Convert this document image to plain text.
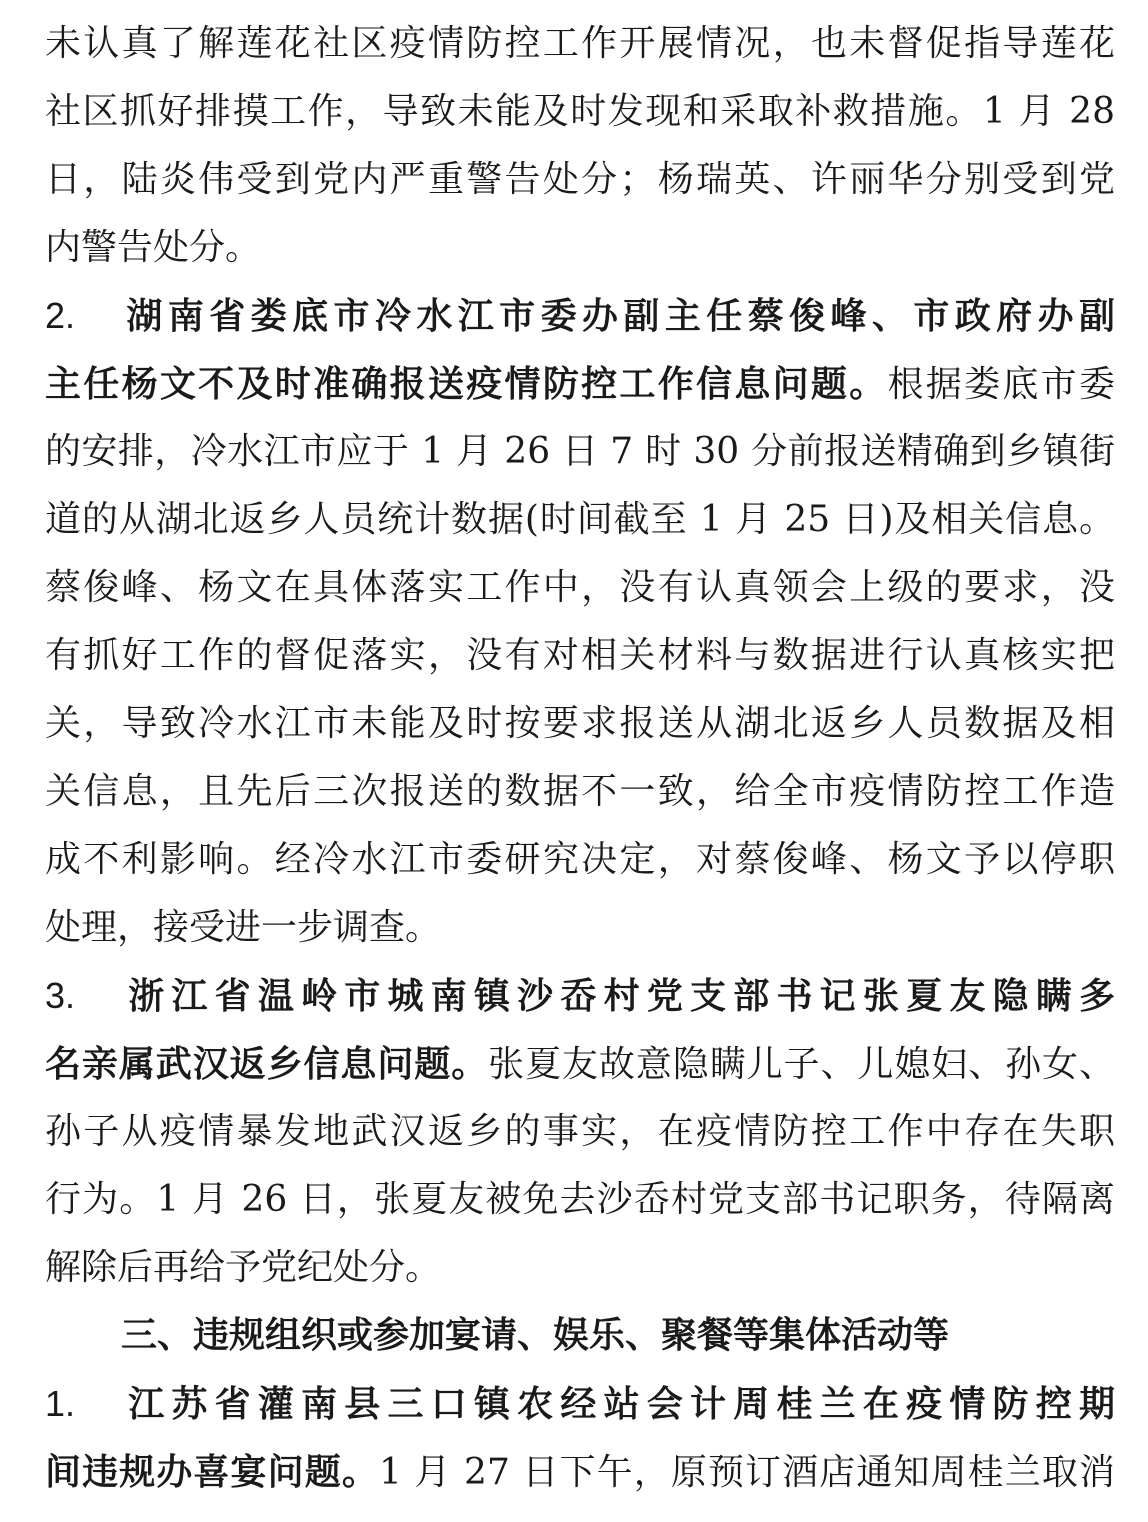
未认真了解莲花社区疫情防控工作开展情况，也未督促指导莲花
社区抓好排摸工作，导致未能及时发现和采取补救措施。1 月 28
日，陆炎伟受到党内严重警告处分；杨瑞英、许丽华分别受到党
内警告处分。
2. 湖南省娄底市冷水江市委办副主任蔡俊峰、市政府办副
主任杨文不及时准确报送疫情防控工作信息问题。根据娄底市委
的安排，冷水江市应于 1 月 26 日 7 时 30 分前报送精确到乡镇街
道的从湖北返乡人员统计数据(时间截至 1 月 25 日)及相关信息。
蔡俊峰、杨文在具体落实工作中，没有认真领会上级的要求，没
有抓好工作的督促落实，没有对相关材料与数据进行认真核实把
关，导致冷水江市未能及时按要求报送从湖北返乡人员数据及相
关信息，且先后三次报送的数据不一致，给全市疫情防控工作造
成不利影响。经冷水江市委研究决定，对蔡俊峰、杨文予以停职
处理，接受进一步调查。
3. 浙江省温岭市城南镇沙岙村党支部书记张夏友隐瞒多
名亲属武汉返乡信息问题。张夏友故意隐瞒儿子、儿媳妇、孙女、
孙子从疫情暴发地武汉返乡的事实，在疫情防控工作中存在失职
行为。1 月 26 日，张夏友被免去沙岙村党支部书记职务，待隔离
解除后再给予党纪处分。
三、违规组织或参加宴请、娱乐、聚餐等集体活动等
1. 江苏省灌南县三口镇农经站会计周桂兰在疫情防控期
间违规办喜宴问题。1 月 27 日下午，原预订酒店通知周桂兰取消
